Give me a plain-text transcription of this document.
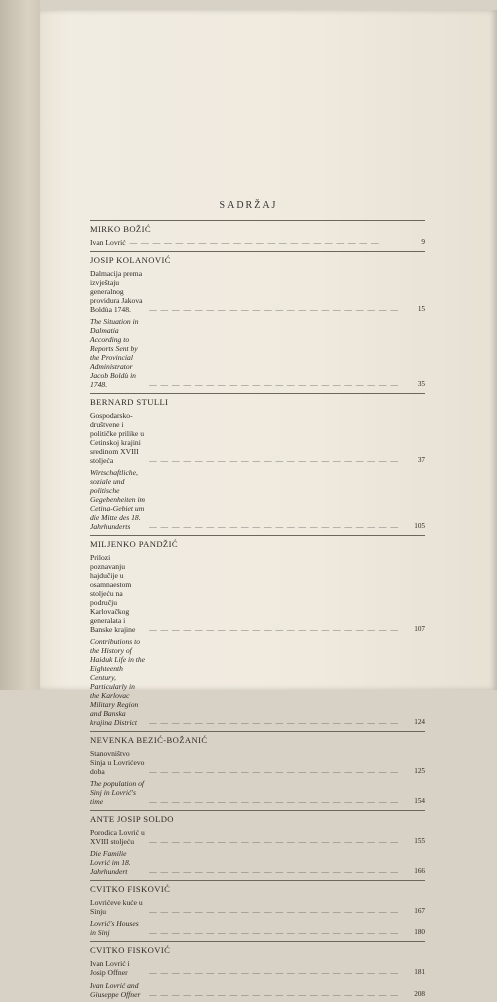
SADRŽAJ
MIRKO BOŽIĆ
Ivan Lovrić — — — — — — — — — — — — — — — — — — — — — —	9
JOSIP KOLANOVIĆ
Dalmacija prema izvještaju generalnog providura Jakova Boldùa 1748.	— — — — — — — — — — — — — — — — — — — — — —	15
The Situation in Dalmatia According to Reports Sent by the Provincial Administrator Jacob Boldù in 1748.	— — — — — — — — — — — — — — — — — — — — — —	35
BERNARD STULLI
Gospodarsko-društvene i političke prilike u Cetinskoj krajini sredinom XVIII stoljeća	— — — — — — — — — — — — — — — — — — — — — —	37
Wirtschaftliche, soziale und politische Gegebenheiten im Cetina-Gebiet um die Mitte des 18. Jahrhunderts	— — — — — — — — — — — — — — — — — — — — — —	105
MILJENKO PANDŽIĆ
Prilozi poznavanju hajdučije u osamnaestom stoljeću na području Karlovačkog generalata i Banske krajine	— — — — — — — — — — — — — — — — — — — — — —	107
Contributions to the History of Haiduk Life in the Eighteenth Century, Particularly in the Karlovac Military Region and Banska krajina District	— — — — — — — — — — — — — — — — — — — — — —	124
NEVENKA BEZIĆ-BOŽANIĆ
Stanovništvo Sinja u Lovrićevo doba	— — — — — — — — — — — — — — — — — — — — — —	125
The population of Sinj in Lovrić's time	— — — — — — — — — — — — — — — — — — — — — —	154
ANTE JOSIP SOLDO
Porodica Lovrić u XVIII stoljeću	— — — — — — — — — — — — — — — — — — — — — —	155
Die Familie Lovrić im 18. Jahrhundert	— — — — — — — — — — — — — — — — — — — — — —	166
CVITKO FISKOVIĆ
Lovrićeve kuće u Sinju	— — — — — — — — — — — — — — — — — — — — — —	167
Lovrić's Houses in Sinj	— — — — — — — — — — — — — — — — — — — — — —	180
CVITKO FISKOVIĆ
Ivan Lovrić i Josip Offner	— — — — — — — — — — — — — — — — — — — — — —	181
Ivan Lovrić and Giuseppe Offner	— — — — — — — — — — — — — — — — — — — — — —	208
